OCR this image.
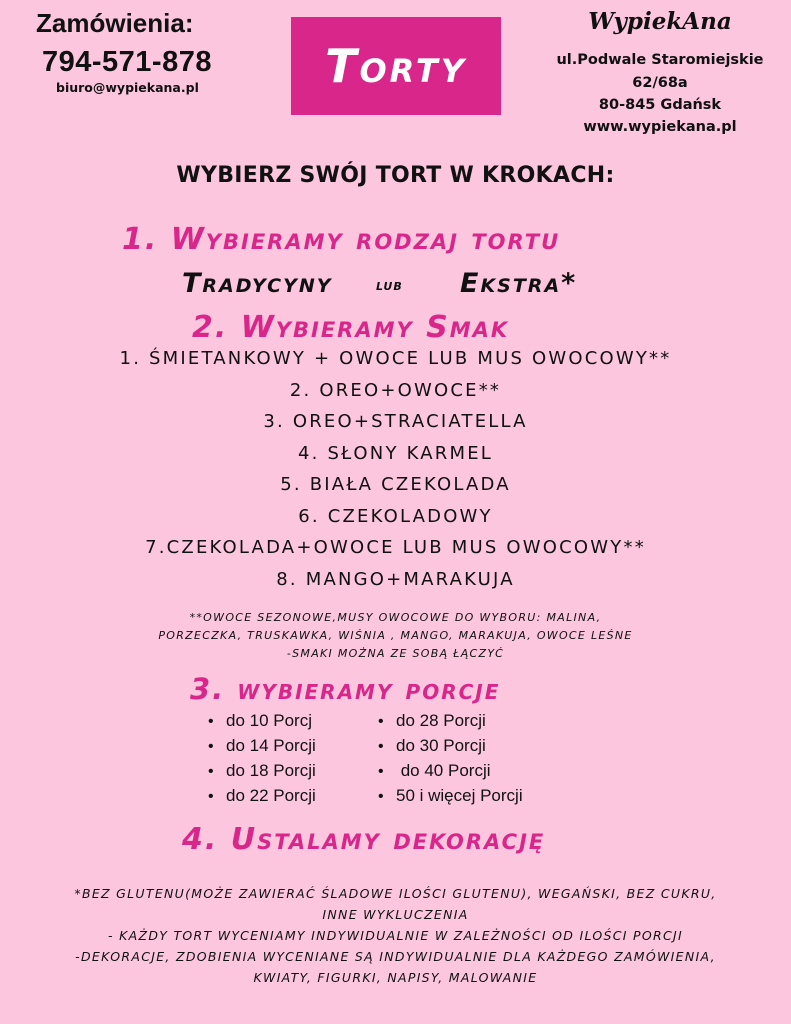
Zamówienia:
794-571-878
biuro@wypiekana.pl	Torty
WypiekAna
ul.Podwale Staromiejskie
62/68a
80-845 Gdańsk
www.wypiekana.pl
WYBIERZ SWÓJ TORT W KROKACH:
1. Wybieramy rodzaj tortu
Tradycyny	lub Ekstra*
2. Wybieramy Smak
1. ŚMIETANKOWY + OWOCE LUB MUS OWOCOWY**
2. OREO+OWOCE**
3. OREO+STRACIATELLA
4. SŁONY KARMEL
5. BIAŁA CZEKOLADA
6. CZEKOLADOWY
7.CZEKOLADA+OWOCE LUB MUS OWOCOWY**
8. MANGO+MARAKUJA
**OWOCE SEZONOWE,MUSY OWOCOWE DO WYBORU: MALINA,
PORZECZKA, TRUSKAWKA, WIŚNIA , MANGO, MARAKUJA, OWOCE LEŚNE
-SMAKI MOŻNA ZE SOBĄ ŁĄCZYĆ
3. wybieramy porcje
• do 10 Porcj
• do 14 Porcji
• do 18 Porcji
• do 22 Porcji
• do 28 Porcji
• do 30 Porcji
• do 40 Porcji
• 50 i więcej Porcji
4. Ustalamy dekorację
*BEZ GLUTENU(MOŻE ZAWIERAĆ ŚLADOWE ILOŚCI GLUTENU), WEGAŃSKI, BEZ CUKRU,
INNE WYKLUCZENIA
- KAŻDY TORT WYCENIAMY INDYWIDUALNIE W ZALEŻNOŚCI OD ILOŚCI PORCJI
-DEKORACJE, ZDOBIENIA WYCENIANE SĄ INDYWIDUALNIE DLA KAŻDEGO ZAMÓWIENIA,
KWIATY, FIGURKI, NAPISY, MALOWANIE
